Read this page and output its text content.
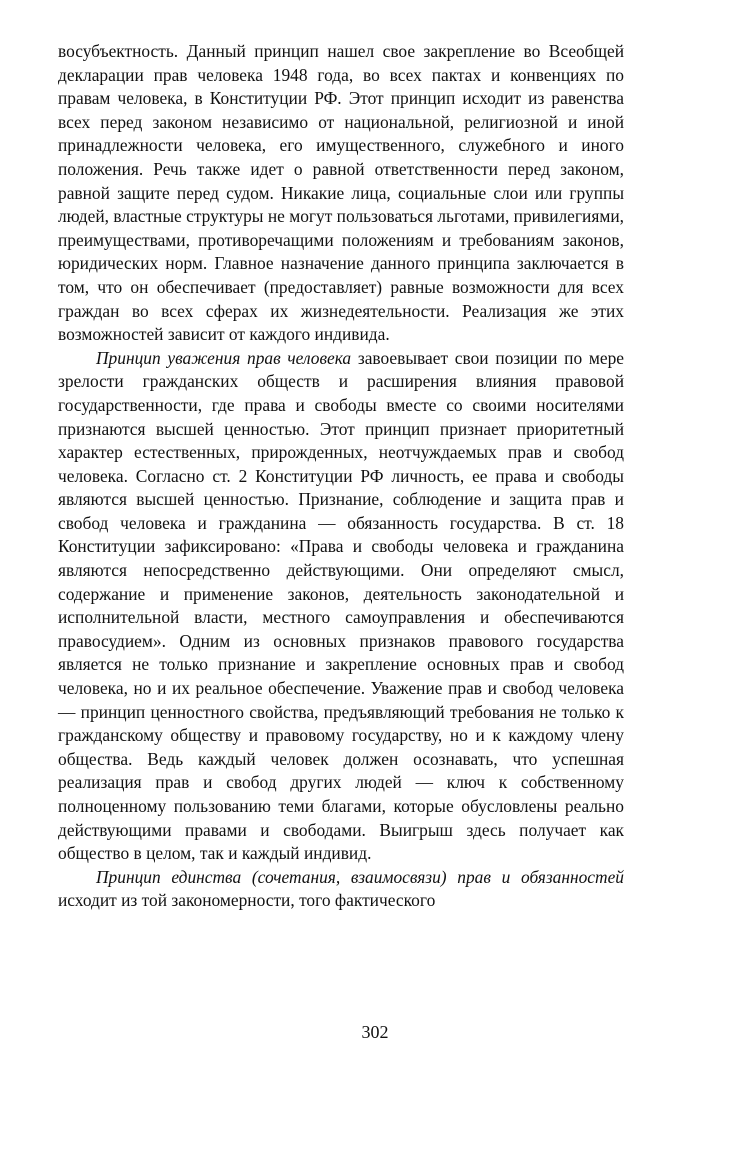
восубъектность. Данный принцип нашел свое закрепление во Всеобщей декларации прав человека 1948 года, во всех пактах и конвенциях по правам человека, в Конституции РФ. Этот принцип исходит из равенства всех перед законом независимо от национальной, религиозной и иной принадлежности человека, его имущественного, служебного и иного положения. Речь также идет о равной ответственности перед законом, равной защите перед судом. Никакие лица, социальные слои или группы людей, властные структуры не могут пользоваться льготами, привилегиями, преимуществами, противоречащими положениям и требованиям законов, юридических норм. Главное назначение данного принципа заключается в том, что он обеспечивает (предоставляет) равные возможности для всех граждан во всех сферах их жизнедеятельности. Реализация же этих возможностей зависит от каждого индивида.

Принцип уважения прав человека завоевывает свои позиции по мере зрелости гражданских обществ и расширения влияния правовой государственности, где права и свободы вместе со своими носителями признаются высшей ценностью. Этот принцип признает приоритетный характер естественных, прирожденных, неотчуждаемых прав и свобод человека. Согласно ст. 2 Конституции РФ личность, ее права и свободы являются высшей ценностью. Признание, соблюдение и защита прав и свобод человека и гражданина — обязанность государства. В ст. 18 Конституции зафиксировано: «Права и свободы человека и гражданина являются непосредственно действующими. Они определяют смысл, содержание и применение законов, деятельность законодательной и исполнительной власти, местного самоуправления и обеспечиваются правосудием». Одним из основных признаков правового государства является не только признание и закрепление основных прав и свобод человека, но и их реальное обеспечение. Уважение прав и свобод человека — принцип ценностного свойства, предъявляющий требования не только к гражданскому обществу и правовому государству, но и к каждому члену общества. Ведь каждый человек должен осознавать, что успешная реализация прав и свобод других людей — ключ к собственному полноценному пользованию теми благами, которые обусловлены реально действующими правами и свободами. Выигрыш здесь получает как общество в целом, так и каждый индивид.

Принцип единства (сочетания, взаимосвязи) прав и обязанностей исходит из той закономерности, того фактического

302
